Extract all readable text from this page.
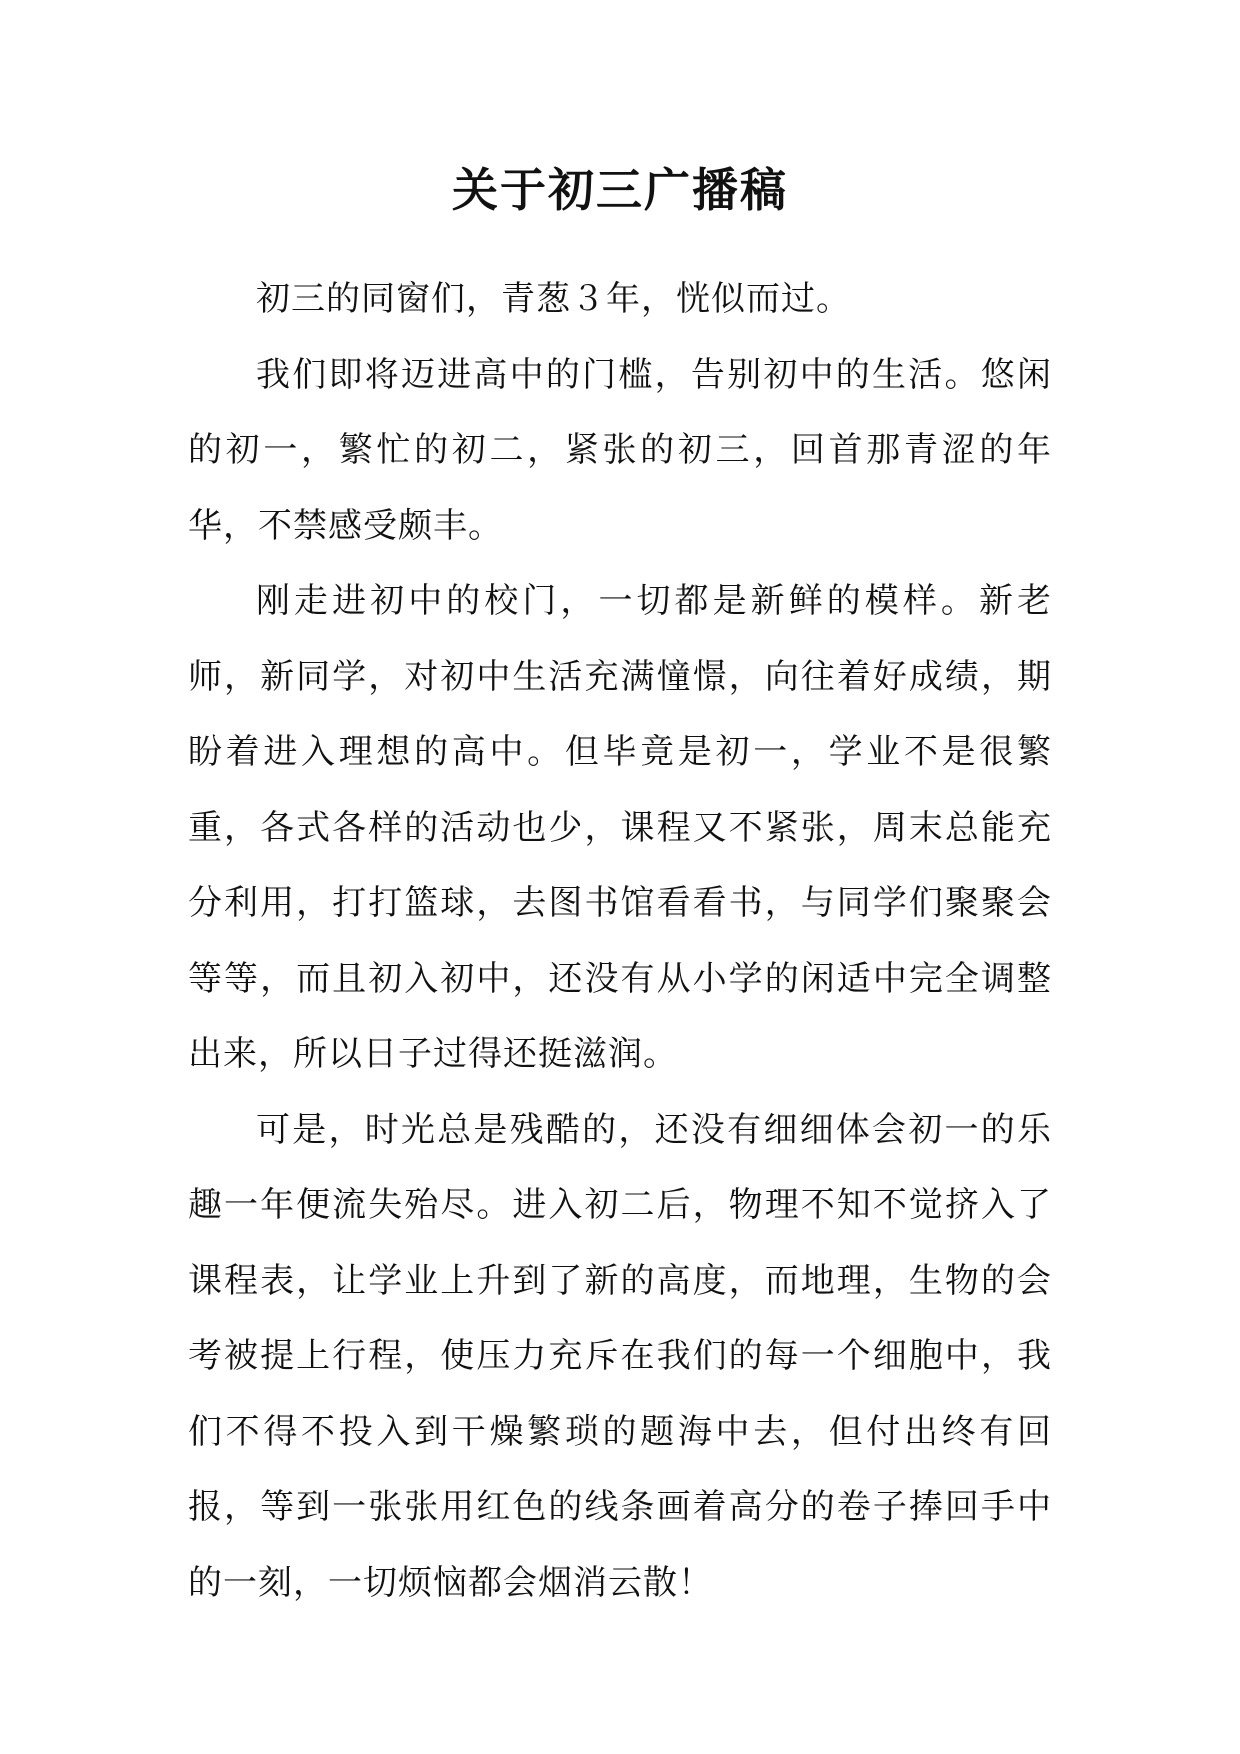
关于初三广播稿

初三的同窗们，青葱３年，恍似而过。

我们即将迈进高中的门槛，告别初中的生活。悠闲的初一，繁忙的初二，紧张的初三，回首那青涩的年华，不禁感受颇丰。

刚走进初中的校门，一切都是新鲜的模样。新老师，新同学，对初中生活充满憧憬，向往着好成绩，期盼着进入理想的高中。但毕竟是初一，学业不是很繁重，各式各样的活动也少，课程又不紧张，周末总能充分利用，打打篮球，去图书馆看看书，与同学们聚聚会等等，而且初入初中，还没有从小学的闲适中完全调整出来，所以日子过得还挺滋润。

可是，时光总是残酷的，还没有细细体会初一的乐趣一年便流失殆尽。进入初二后，物理不知不觉挤入了课程表，让学业上升到了新的高度，而地理，生物的会考被提上行程，使压力充斥在我们的每一个细胞中，我们不得不投入到干燥繁琐的题海中去，但付出终有回报，等到一张张用红色的线条画着高分的卷子捧回手中的一刻，一切烦恼都会烟消云散！
